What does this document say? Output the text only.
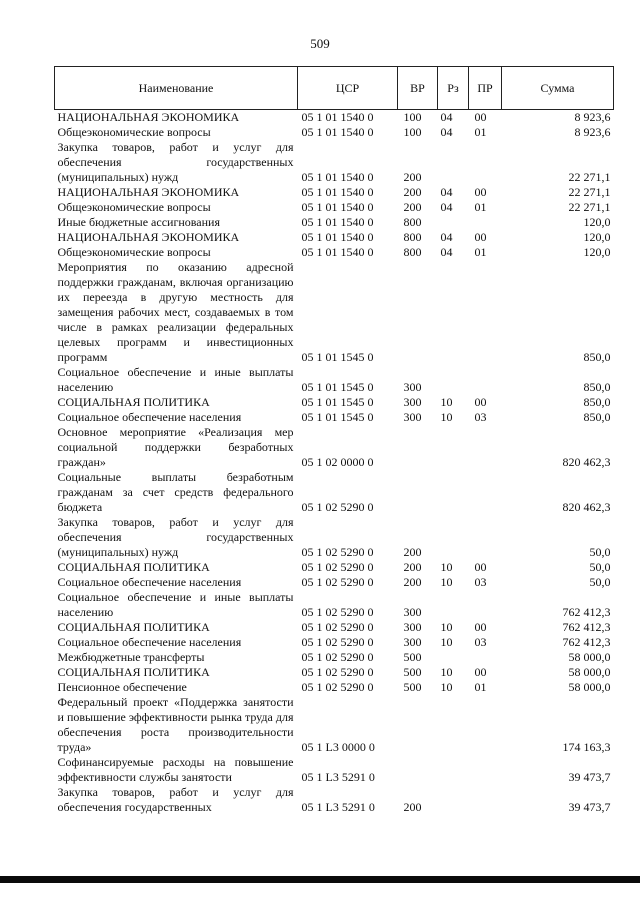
509
Наименование	ЦСР	ВР	Рз	ПР	Сумма
НАЦИОНАЛЬНАЯ ЭКОНОМИКА	05 1 01 1540 0	100	04	00	8 923,6
Общеэкономические вопросы	05 1 01 1540 0	100	04	01	8 923,6
Закупка товаров, работ и услуг для обеспечения государственных (муниципальных) нужд	05 1 01 1540 0	200			22 271,1
НАЦИОНАЛЬНАЯ ЭКОНОМИКА	05 1 01 1540 0	200	04	00	22 271,1
Общеэкономические вопросы	05 1 01 1540 0	200	04	01	22 271,1
Иные бюджетные ассигнования	05 1 01 1540 0	800			120,0
НАЦИОНАЛЬНАЯ ЭКОНОМИКА	05 1 01 1540 0	800	04	00	120,0
Общеэкономические вопросы	05 1 01 1540 0	800	04	01	120,0
Мероприятия по оказанию адресной поддержки гражданам, включая организацию их переезда в другую местность для замещения рабочих мест, создаваемых в том числе в рамках реализации федеральных целевых программ и инвестиционных программ	05 1 01 1545 0				850,0
Социальное обеспечение и иные выплаты населению	05 1 01 1545 0	300			850,0
СОЦИАЛЬНАЯ ПОЛИТИКА	05 1 01 1545 0	300	10	00	850,0
Социальное обеспечение населения	05 1 01 1545 0	300	10	03	850,0
Основное мероприятие «Реализация мер социальной поддержки безработных граждан»	05 1 02 0000 0				820 462,3
Социальные выплаты безработным гражданам за счет средств федерального бюджета	05 1 02 5290 0				820 462,3
Закупка товаров, работ и услуг для обеспечения государственных (муниципальных) нужд	05 1 02 5290 0	200			50,0
СОЦИАЛЬНАЯ ПОЛИТИКА	05 1 02 5290 0	200	10	00	50,0
Социальное обеспечение населения	05 1 02 5290 0	200	10	03	50,0
Социальное обеспечение и иные выплаты населению	05 1 02 5290 0	300			762 412,3
СОЦИАЛЬНАЯ ПОЛИТИКА	05 1 02 5290 0	300	10	00	762 412,3
Социальное обеспечение населения	05 1 02 5290 0	300	10	03	762 412,3
Межбюджетные трансферты	05 1 02 5290 0	500			58 000,0
СОЦИАЛЬНАЯ ПОЛИТИКА	05 1 02 5290 0	500	10	00	58 000,0
Пенсионное обеспечение	05 1 02 5290 0	500	10	01	58 000,0
Федеральный проект «Поддержка занятости и повышение эффективности рынка труда для обеспечения роста производительности труда»	05 1 L3 0000 0				174 163,3
Софинансируемые расходы на повышение эффективности службы занятости	05 1 L3 5291 0				39 473,7
Закупка товаров, работ и услуг для обеспечения государственных	05 1 L3 5291 0	200			39 473,7
